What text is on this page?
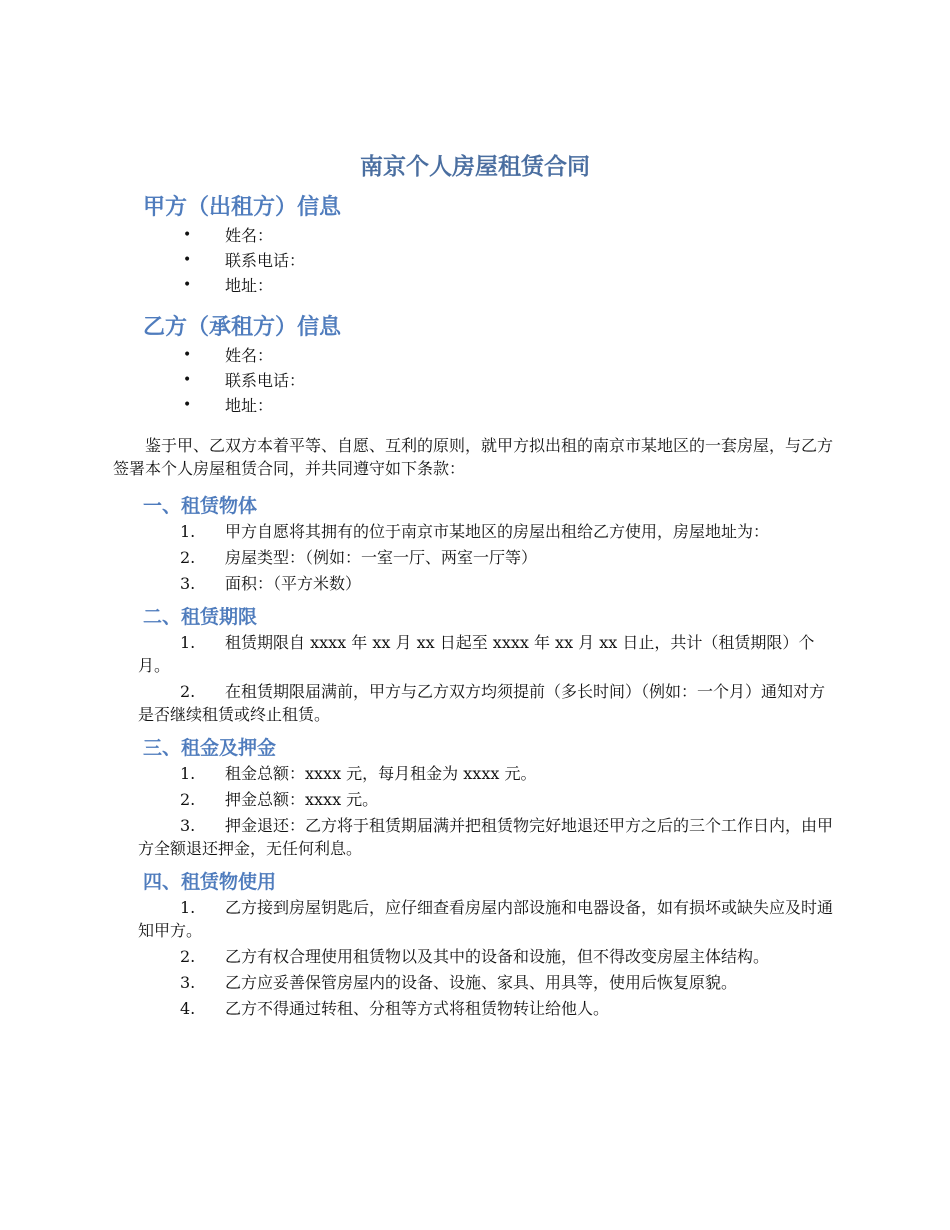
南京个人房屋租赁合同
甲方（出租方）信息
• 姓名：
• 联系电话：
• 地址：
乙方（承租方）信息
• 姓名：
• 联系电话：
• 地址：

鉴于甲、乙双方本着平等、自愿、互利的原则，就甲方拟出租的南京市某地区的一套房屋，与乙方签署本个人房屋租赁合同，并共同遵守如下条款：

一、租赁物体
1. 甲方自愿将其拥有的位于南京市某地区的房屋出租给乙方使用，房屋地址为：
2. 房屋类型：（例如：一室一厅、两室一厅等）
3. 面积：（平方米数）
二、租赁期限
1. 租赁期限自 xxxx 年 xx 月 xx 日起至 xxxx 年 xx 月 xx 日止，共计（租赁期限）个月。
2. 在租赁期限届满前，甲方与乙方双方均须提前（多长时间）（例如：一个月）通知对方是否继续租赁或终止租赁。
三、租金及押金
1. 租金总额：xxxx 元，每月租金为 xxxx 元。
2. 押金总额：xxxx 元。
3. 押金退还：乙方将于租赁期届满并把租赁物完好地退还甲方之后的三个工作日内，由甲方全额退还押金，无任何利息。
四、租赁物使用
1. 乙方接到房屋钥匙后，应仔细查看房屋内部设施和电器设备，如有损坏或缺失应及时通知甲方。
2. 乙方有权合理使用租赁物以及其中的设备和设施，但不得改变房屋主体结构。
3. 乙方应妥善保管房屋内的设备、设施、家具、用具等，使用后恢复原貌。
4. 乙方不得通过转租、分租等方式将租赁物转让给他人。
